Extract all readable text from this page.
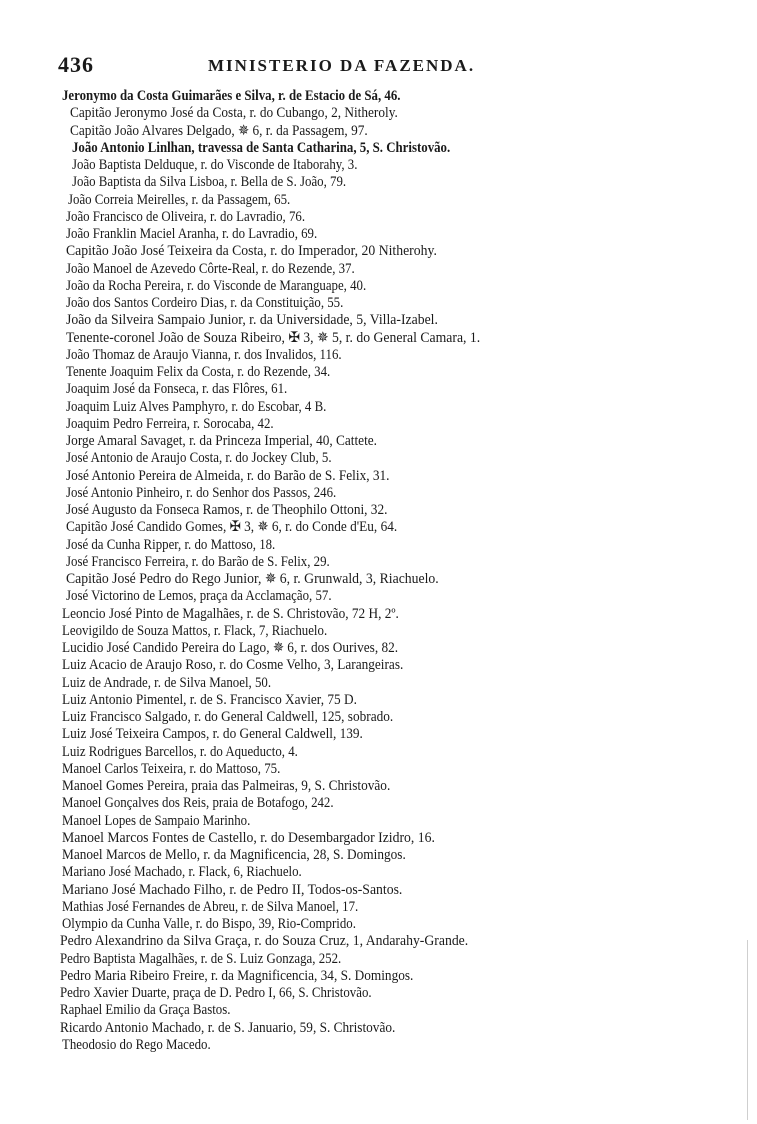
436	MINISTERIO DA FAZENDA.
Jeronymo da Costa Guimarães e Silva, r. de Estacio de Sá, 46.
Capitão Jeronymo José da Costa, r. do Cubango, 2, Nitheroly.
Capitão João Alvares Delgado, ✵ 6, r. da Passagem, 97.
João Antonio Linlhan, travessa de Santa Catharina, 5, S. Christovão.
João Baptista Delduque, r. do Visconde de Itaborahy, 3.
João Baptista da Silva Lisboa, r. Bella de S. João, 79.
João Correia Meirelles, r. da Passagem, 65.
João Francisco de Oliveira, r. do Lavradio, 76.
João Franklin Maciel Aranha, r. do Lavradio, 69.
Capitão João José Teixeira da Costa, r. do Imperador, 20 Nitherohy.
João Manoel de Azevedo Côrte-Real, r. do Rezende, 37.
João da Rocha Pereira, r. do Visconde de Maranguape, 40.
João dos Santos Cordeiro Dias, r. da Constituição, 55.
João da Silveira Sampaio Junior, r. da Universidade, 5, Villa-Izabel.
Tenente-coronel João de Souza Ribeiro, ✠ 3, ✵ 5, r. do General Camara, 1.
João Thomaz de Araujo Vianna, r. dos Invalidos, 116.
Tenente Joaquim Felix da Costa, r. do Rezende, 34.
Joaquim José da Fonseca, r. das Flôres, 61.
Joaquim Luiz Alves Pamphyro, r. do Escobar, 4 B.
Joaquim Pedro Ferreira, r. Sorocaba, 42.
Jorge Amaral Savaget, r. da Princeza Imperial, 40, Cattete.
José Antonio de Araujo Costa, r. do Jockey Club, 5.
José Antonio Pereira de Almeida, r. do Barão de S. Felix, 31.
José Antonio Pinheiro, r. do Senhor dos Passos, 246.
José Augusto da Fonseca Ramos, r. de Theophilo Ottoni, 32.
Capitão José Candido Gomes, ✠ 3, ✵ 6, r. do Conde d'Eu, 64.
José da Cunha Ripper, r. do Mattoso, 18.
José Francisco Ferreira, r. do Barão de S. Felix, 29.
Capitão José Pedro do Rego Junior, ✵ 6, r. Grunwald, 3, Riachuelo.
José Victorino de Lemos, praça da Acclamação, 57.
Leoncio José Pinto de Magalhães, r. de S. Christovão, 72 H, 2º.
Leovigildo de Souza Mattos, r. Flack, 7, Riachuelo.
Lucidio José Candido Pereira do Lago, ✵ 6, r. dos Ourives, 82.
Luiz Acacio de Araujo Roso, r. do Cosme Velho, 3, Larangeiras.
Luiz de Andrade, r. de Silva Manoel, 50.
Luiz Antonio Pimentel, r. de S. Francisco Xavier, 75 D.
Luiz Francisco Salgado, r. do General Caldwell, 125, sobrado.
Luiz José Teixeira Campos, r. do General Caldwell, 139.
Luiz Rodrigues Barcellos, r. do Aqueducto, 4.
Manoel Carlos Teixeira, r. do Mattoso, 75.
Manoel Gomes Pereira, praia das Palmeiras, 9, S. Christovão.
Manoel Gonçalves dos Reis, praia de Botafogo, 242.
Manoel Lopes de Sampaio Marinho.
Manoel Marcos Fontes de Castello, r. do Desembargador Izidro, 16.
Manoel Marcos de Mello, r. da Magnificencia, 28, S. Domingos.
Mariano José Machado, r. Flack, 6, Riachuelo.
Mariano José Machado Filho, r. de Pedro II, Todos-os-Santos.
Mathias José Fernandes de Abreu, r. de Silva Manoel, 17.
Olympio da Cunha Valle, r. do Bispo, 39, Rio-Comprido.
Pedro Alexandrino da Silva Graça, r. do Souza Cruz, 1, Andarahy-Grande.
Pedro Baptista Magalhães, r. de S. Luiz Gonzaga, 252.
Pedro Maria Ribeiro Freire, r. da Magnificencia, 34, S. Domingos.
Pedro Xavier Duarte, praça de D. Pedro I, 66, S. Christovão.
Raphael Emilio da Graça Bastos.
Ricardo Antonio Machado, r. de S. Januario, 59, S. Christovão.
Theodosio do Rego Macedo.
